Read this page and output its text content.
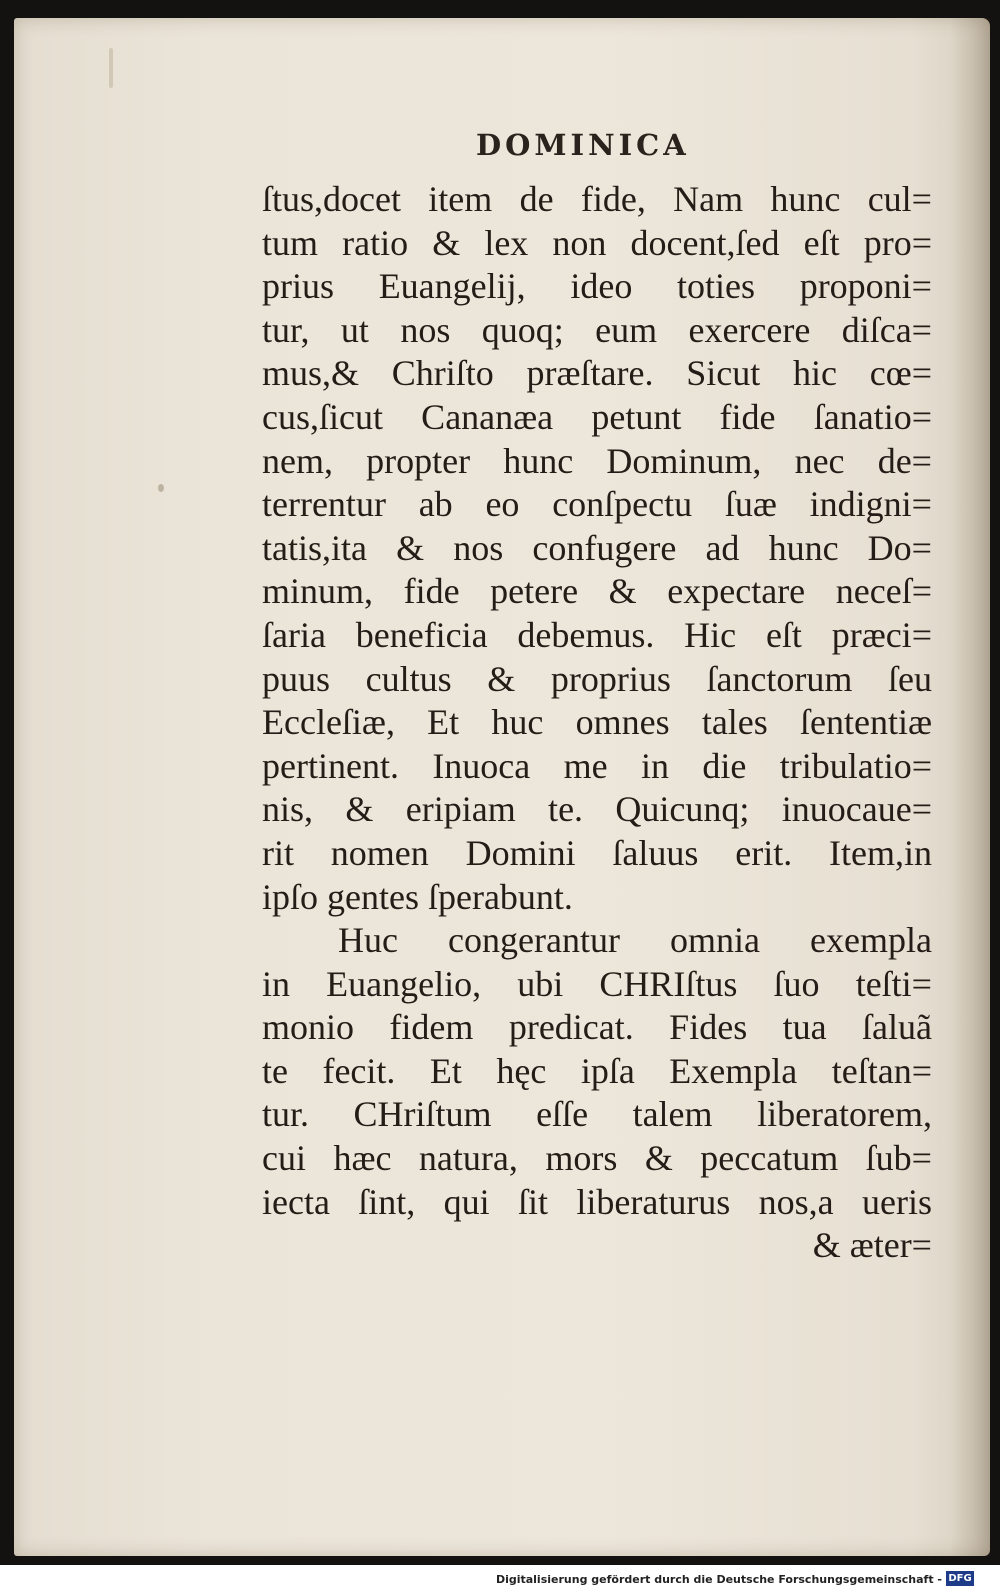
DOMINICA
ſtus,docet item de fide, Nam hunc cul=
tum ratio & lex non docent,ſed eſt pro=
prius Euangelij, ideo toties proponi=
tur, ut nos quoq; eum exercere diſca=
mus,& Chriſto præſtare. Sicut hic cœ=
cus,ſicut Cananæa petunt fide ſanatio=
nem, propter hunc Dominum, nec de=
terrentur ab eo conſpectu ſuæ indigni=
tatis,ita & nos confugere ad hunc Do=
minum, fide petere & expectare neceſ=
ſaria beneficia debemus. Hic eſt præci=
puus cultus & proprius ſanctorum ſeu
Eccleſiæ, Et huc omnes tales ſententiæ
pertinent. Inuoca me in die tribulatio=
nis, & eripiam te. Quicunq; inuocaue=
rit nomen Domini ſaluus erit. Item,in
ipſo gentes ſperabunt.
Huc congerantur omnia exempla
in Euangelio, ubi CHRIſtus ſuo teſti=
monio fidem predicat. Fides tua ſaluã
te fecit. Et hęc ipſa Exempla teſtan=
tur. CHriſtum eſſe talem liberatorem,
cui hæc natura, mors & peccatum ſub=
iecta ſint, qui ſit liberaturus nos,a ueris
& æter=
Digitalisierung gefördert durch die Deutsche Forschungsgemeinschaft - DFG
